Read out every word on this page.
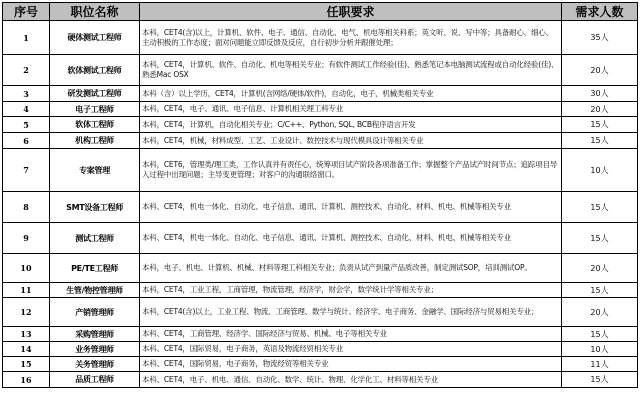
序号	职位名称	任职要求	需求人数
1	硬体测试工程师	本科，CET4(含)以上，计算机、软件、电子、通信、自动化、电气、机电等相关科系；英文听、说、写中等；具备耐心、细心、主动积极的工作态度；面对问题能立即反馈及反应，自行初步分析并跟催处理；	35人
2	软体测试工程师	本科，CET4，计算机、软件、自动化、机电等相关专业；有软件测试工作经验(佳)、熟悉笔记本电脑测试流程或自动化经验(佳)、熟悉Mac OSX	20人
3	研发测试工程师	本科（含）以上学历，CET4，计算机(含网络/硬体/软件)，自动化，电子，机械类相关专业	30人
4	电子工程师	本科，CET4，电子、通讯、电子信息、计算机相关理工科专业	20人
5	软体工程师	本科，CET4，计算机，自动化相关专业；C/C++、Python, SQL, BCB程序语言开发	15人
6	机构工程师	本科，CET4，机械，材料成型、工艺、工业设计、数控技术与现代模具设计等相关专业	15人
7	专案管理	本科，CET6，管理类/理工类，工作认真并有责任心，统筹项目试产阶段各项准备工作；掌握整个产品试产时间节点；追踪项目导入过程中出现问题；主导变更管理；对客户的沟通联络窗口。	10人
8	SMT设备工程师	本科、CET4，机电一体化、自动化、电子信息、通讯、计算机、测控技术、自动化、材料、机电、机械等相关专业	15人
9	测试工程师	本科、CET4，机电一体化、自动化、电子信息、通讯、计算机、测控技术、自动化、材料、机电、机械等相关专业	15人
10	PE/TE工程师	本科，电子、机电、计算机、机械、材料等理工科相关专业；负责从试产到量产品质改善，制定测试SOP，培训测试OP。	20人
11	生管/物控管理师	本科，CET4，工业工程，工商管理，物流管理，经济学，财会学，数学统计学等相关专业；	15人
12	产销管理师	本科，CET4(含)以上，工业工程、物流、工商管理、数学与统计、经济学、电子商务、金融学、国际经济与贸易相关专业；	20人
13	采购管理师	本科、CET4，工商管理、经济学、国际经济与贸易、机械、电子等相关专业	15人
14	业务管理师	本科、CET4，国际贸易，电子商务，英语及物流经贸相关专业	10人
15	关务管理师	本科、CET4，国际贸易，电子商务，物流经贸等相关专业	11人
16	品质工程师	本科、CET4，电子、机电、通信、自动化、数学、统计、物理、化学化工、材料等相关专业	15人
